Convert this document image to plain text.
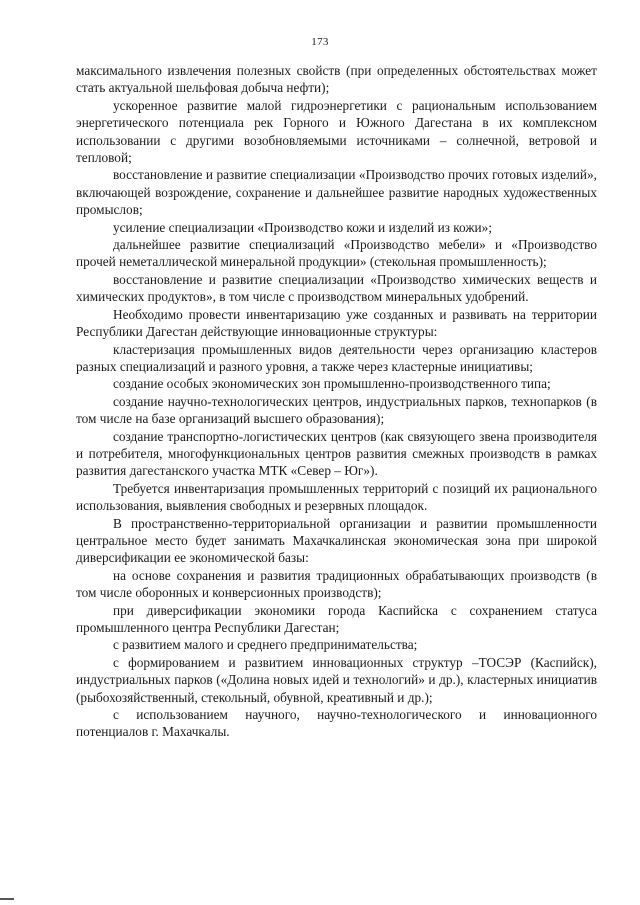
173

максимального извлечения полезных свойств (при определенных обстоятельствах может стать актуальной шельфовая добыча нефти);

ускоренное развитие малой гидроэнергетики с рациональным использованием энергетического потенциала рек Горного и Южного Дагестана в их комплексном использовании с другими возобновляемыми источниками – солнечной, ветровой и тепловой;

восстановление и развитие специализации «Производство прочих готовых изделий», включающей возрождение, сохранение и дальнейшее развитие народных художественных промыслов;

усиление специализации «Производство кожи и изделий из кожи»;

дальнейшее развитие специализаций «Производство мебели» и «Производство прочей неметаллической минеральной продукции» (стекольная промышленность);

восстановление и развитие специализации «Производство химических веществ и химических продуктов», в том числе с производством минеральных удобрений.

Необходимо провести инвентаризацию уже созданных и развивать на территории Республики Дагестан действующие инновационные структуры:

кластеризация промышленных видов деятельности через организацию кластеров разных специализаций и разного уровня, а также через кластерные инициативы;

создание особых экономических зон промышленно-производственного типа;

создание научно-технологических центров, индустриальных парков, технопарков (в том числе на базе организаций высшего образования);

создание транспортно-логистических центров (как связующего звена производителя и потребителя, многофункциональных центров развития смежных производств в рамках развития дагестанского участка МТК «Север – Юг»).

Требуется инвентаризация промышленных территорий с позиций их рационального использования, выявления свободных и резервных площадок.

В пространственно-территориальной организации и развитии промышленности центральное место будет занимать Махачкалинская экономическая зона при широкой диверсификации ее экономической базы:

на основе сохранения и развития традиционных обрабатывающих производств (в том числе оборонных и конверсионных производств);

при диверсификации экономики города Каспийска с сохранением статуса промышленного центра Республики Дагестан;

с развитием малого и среднего предпринимательства;

с формированием и развитием инновационных структур –ТОСЭР (Каспийск), индустриальных парков («Долина новых идей и технологий» и др.), кластерных инициатив (рыбохозяйственный, стекольный, обувной, креативный и др.);

с использованием научного, научно-технологического и инновационного потенциалов г. Махачкалы.
